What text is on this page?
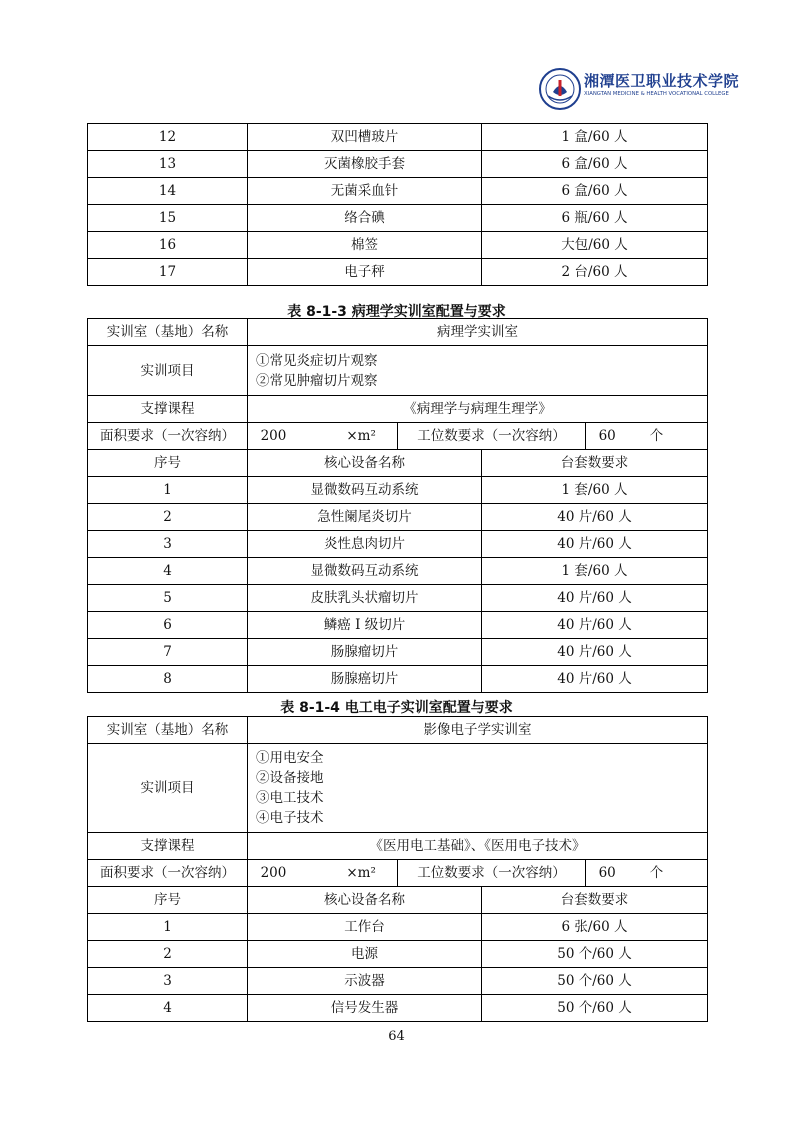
湘潭医卫职业技术学院
XIANGTAN MEDICINE & HEALTH VOCATIONAL COLLEGE
12	双凹槽玻片	1 盒/60 人
13	灭菌橡胶手套	6 盒/60 人
14	无菌采血针	6 盒/60 人
15	络合碘	6 瓶/60 人
16	棉签	大包/60 人
17	电子秤	2 台/60 人
表 8-1-3 病理学实训室配置与要求
实训室（基地）名称	病理学实训室			
实训项目	①常见炎症切片观察
②常见肿瘤切片观察			

支撑课程	《病理学与病理生理学》			
面积要求（一次容纳）	200 ×m²	工位数要求（一次容纳）		60 个
序号	核心设备名称		台套数要求	
1	显微数码互动系统		1 套/60 人	
2	急性阑尾炎切片		40 片/60 人	
3	炎性息肉切片		40 片/60 人	
4	显微数码互动系统		1 套/60 人	
5	皮肤乳头状瘤切片		40 片/60 人	
6	鳞癌 I 级切片		40 片/60 人	
7	肠腺瘤切片		40 片/60 人	
8	肠腺癌切片		40 片/60 人	
表 8-1-4 电工电子实训室配置与要求
实训室（基地）名称	影像电子学实训室			
实训项目	①用电安全
②设备接地
③电工技术
④电子技术			

支撑课程	《医用电工基础》、《医用电子技术》			
面积要求（一次容纳）	200 ×m²	工位数要求（一次容纳）		60 个
序号	核心设备名称		台套数要求	
1	工作台		6 张/60 人	
2	电源		50 个/60 人	
3	示波器		50 个/60 人	
4	信号发生器		50 个/60 人	
64
